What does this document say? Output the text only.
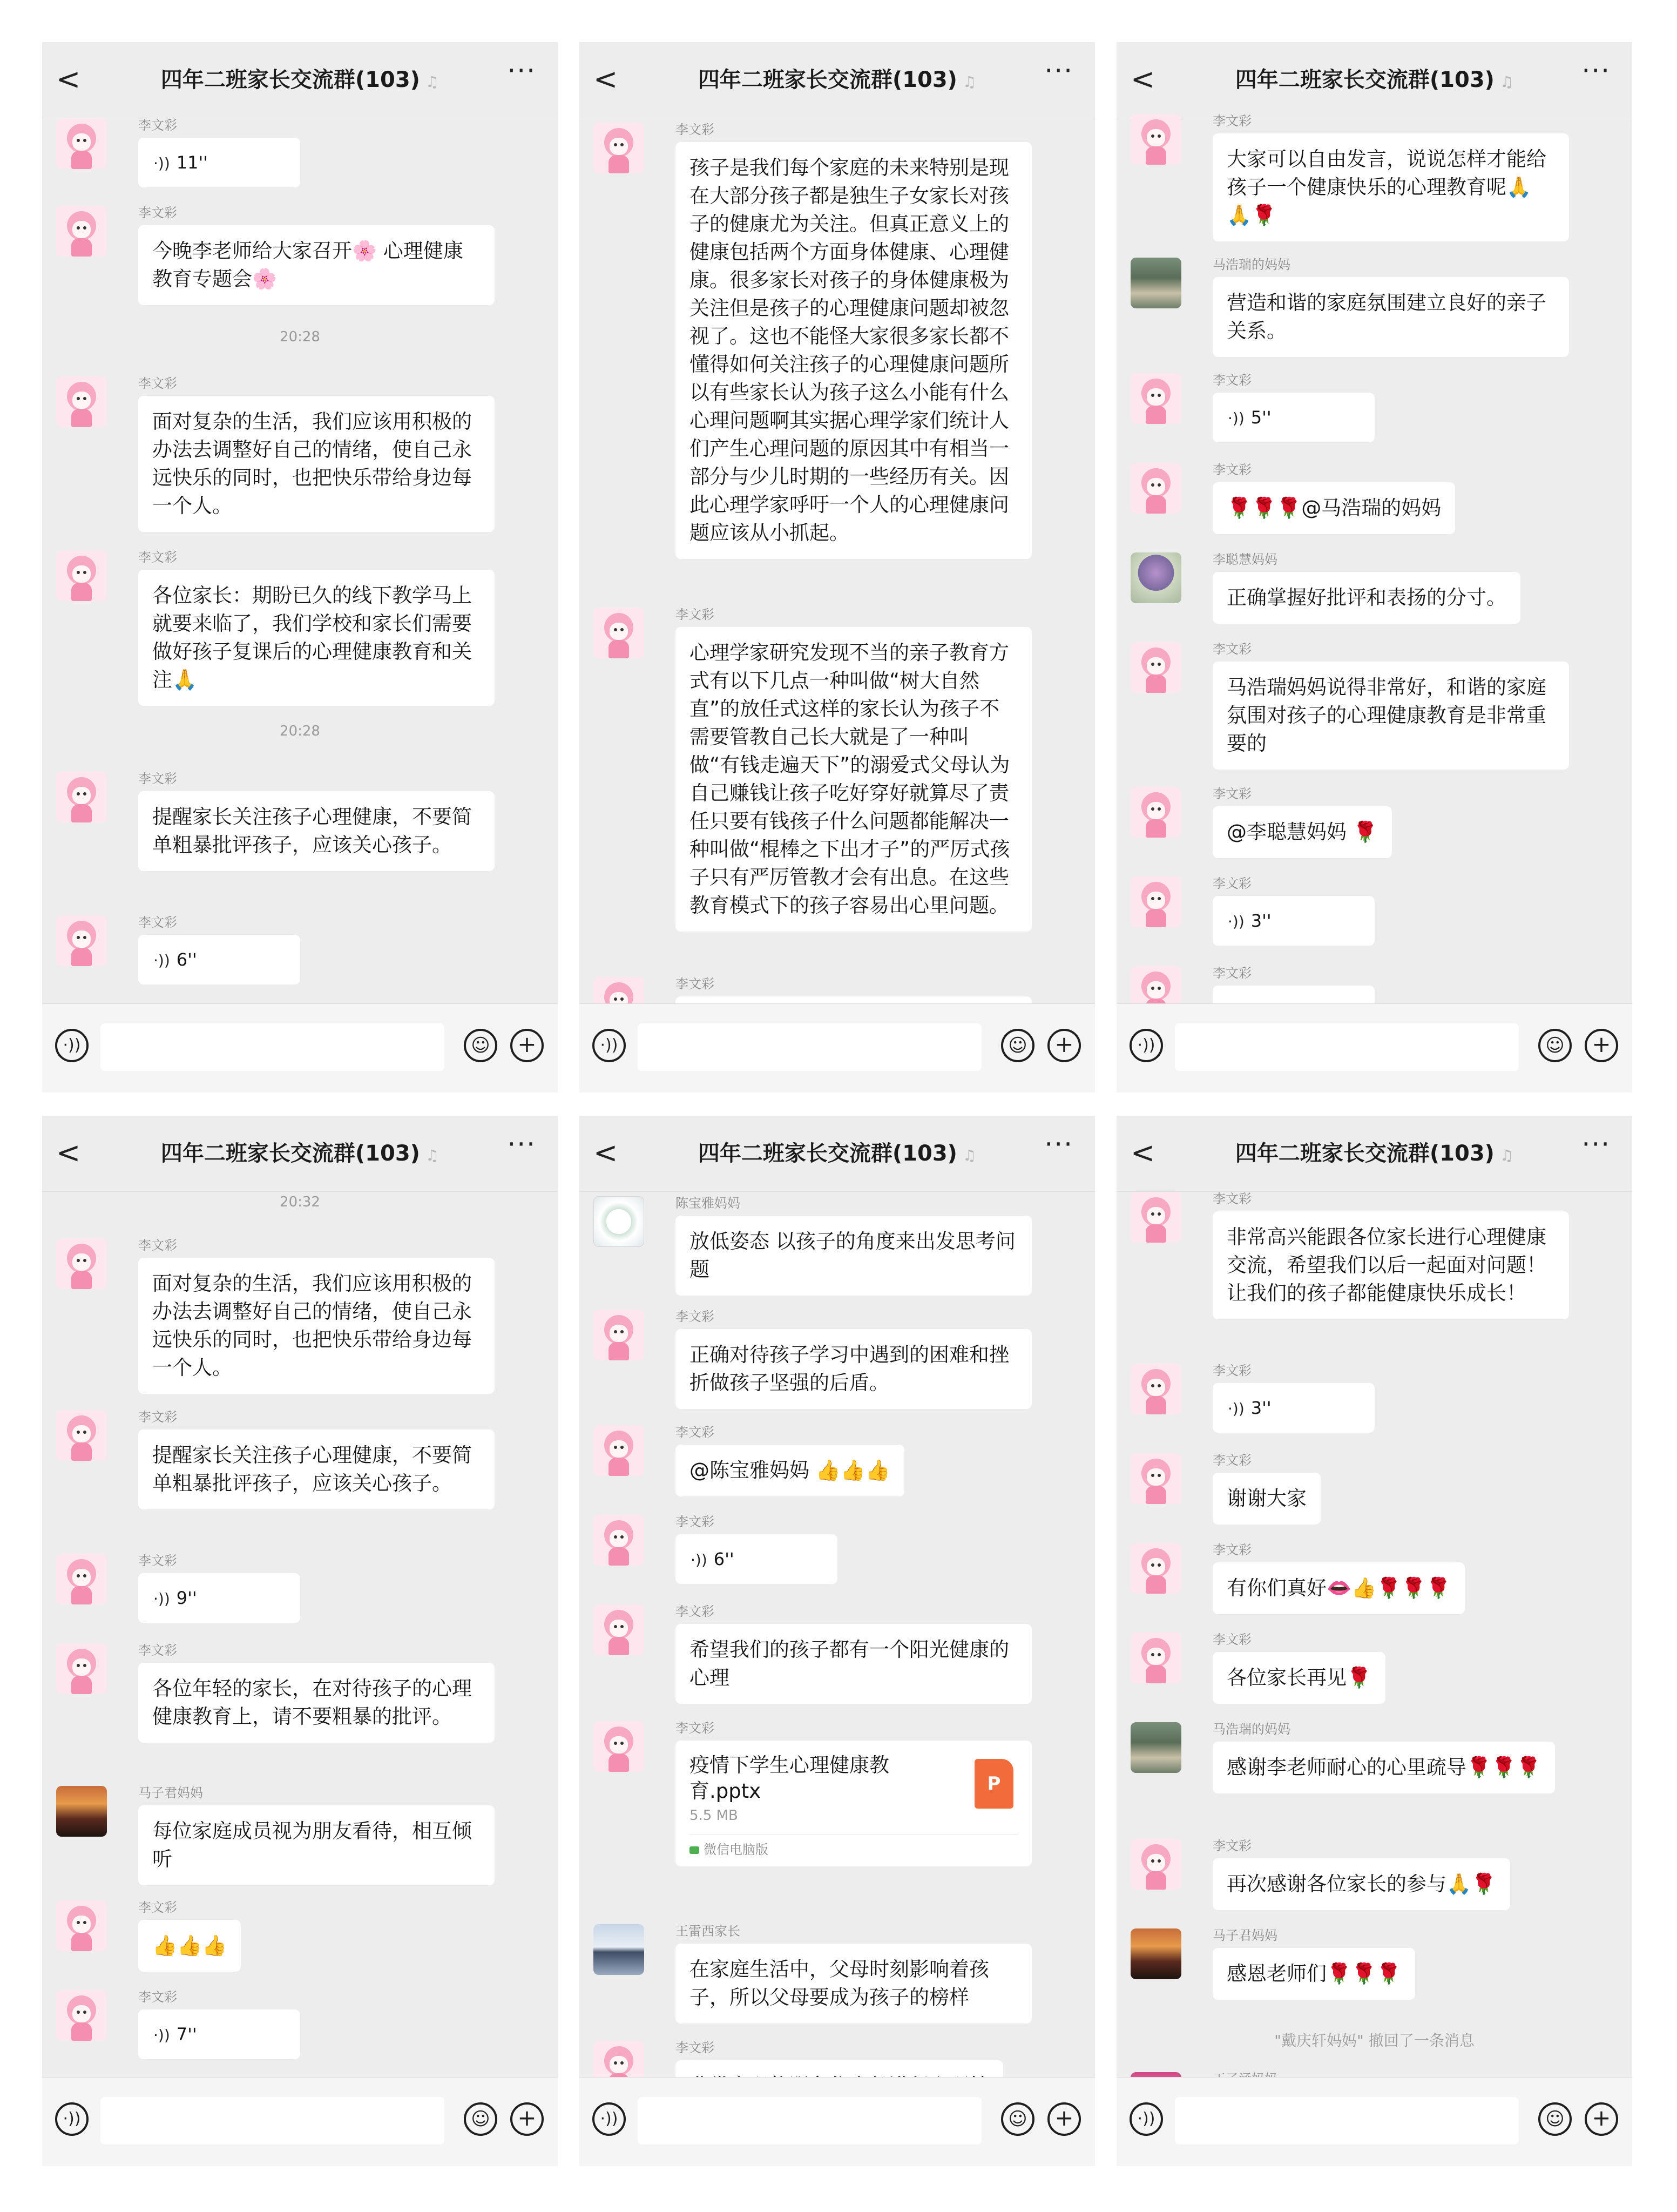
<	四年二班家长交流群(103) ♫	···
李文彩
·)) 11''
李文彩
今晚李老师给大家召开🌸 心理健康教育专题会🌸
20:28
李文彩
面对复杂的生活，我们应该用积极的办法去调整好自己的情绪，使自己永远快乐的同时，也把快乐带给身边每一个人。
李文彩
各位家长：期盼已久的线下教学马上就要来临了，我们学校和家长们需要做好孩子复课后的心理健康教育和关注🙏
20:28
李文彩
提醒家长关注孩子心理健康，不要简单粗暴批评孩子，应该关心孩子。
李文彩
·)) 6''
·))	☺	+
<	四年二班家长交流群(103) ♫	···
李文彩
孩子是我们每个家庭的未来特别是现在大部分孩子都是独生子女家长对孩子的健康尤为关注。但真正意义上的健康包括两个方面身体健康、心理健康。很多家长对孩子的身体健康极为关注但是孩子的心理健康问题却被忽视了。这也不能怪大家很多家长都不懂得如何关注孩子的心理健康问题所以有些家长认为孩子这么小能有什么心理问题啊其实据心理学家们统计人们产生心理问题的原因其中有相当一部分与少儿时期的一些经历有关。因此心理学家呼吁一个人的心理健康问题应该从小抓起。
李文彩
心理学家研究发现不当的亲子教育方式有以下几点一种叫做“树大自然直”的放任式这样的家长认为孩子不需要管教自己长大就是了一种叫做“有钱走遍天下”的溺爱式父母认为自己赚钱让孩子吃好穿好就算尽了责任只要有钱孩子什么问题都能解决一种叫做“棍棒之下出才子”的严厉式孩子只有严厉管教才会有出息。在这些教育模式下的孩子容易出心里问题。
李文彩
·))	☺	+
<	四年二班家长交流群(103) ♫	···
李文彩
大家可以自由发言，说说怎样才能给孩子一个健康快乐的心理教育呢🙏🙏🌹
马浩瑞的妈妈
营造和谐的家庭氛围建立良好的亲子关系。
李文彩
·)) 5''
李文彩
🌹🌹🌹@马浩瑞的妈妈
李聪慧妈妈
正确掌握好批评和表扬的分寸。
李文彩
马浩瑞妈妈说得非常好，和谐的家庭氛围对孩子的心理健康教育是非常重要的
李文彩
@李聪慧妈妈 🌹
李文彩
·)) 3''
李文彩
·))	☺	+
<	四年二班家长交流群(103) ♫	···
20:32
李文彩
面对复杂的生活，我们应该用积极的办法去调整好自己的情绪，使自己永远快乐的同时，也把快乐带给身边每一个人。
李文彩
提醒家长关注孩子心理健康，不要简单粗暴批评孩子，应该关心孩子。
李文彩
·)) 9''
李文彩
各位年轻的家长，在对待孩子的心理健康教育上，请不要粗暴的批评。
马子君妈妈
每位家庭成员视为朋友看待，相互倾听
李文彩
👍👍👍
李文彩
·)) 7''
·))	☺	+
<	四年二班家长交流群(103) ♫	···
陈宝雅妈妈
放低姿态 以孩子的角度来出发思考问题
李文彩
正确对待孩子学习中遇到的困难和挫折做孩子坚强的后盾。
李文彩
@陈宝雅妈妈 👍👍👍
李文彩
·)) 6''
李文彩
希望我们的孩子都有一个阳光健康的心理
李文彩
疫情下学生心理健康教育.pptx
5.5 MB
P
微信电脑版
王雷西家长
在家庭生活中，父母时刻影响着孩子，所以父母要成为孩子的榜样
李文彩
·))	☺	+
<	四年二班家长交流群(103) ♫	···
李文彩
非常高兴能跟各位家长进行心理健康交流，希望我们以后一起面对问题！让我们的孩子都能健康快乐成长！
李文彩
·)) 3''
李文彩
谢谢大家
李文彩
有你们真好👄👍🌹🌹🌹
李文彩
各位家长再见🌹
马浩瑞的妈妈
感谢李老师耐心的心里疏导🌹🌹🌹
李文彩
再次感谢各位家长的参与🙏🌹
马子君妈妈
感恩老师们🌹🌹🌹
"戴庆轩妈妈" 撤回了一条消息
·))	☺	+
